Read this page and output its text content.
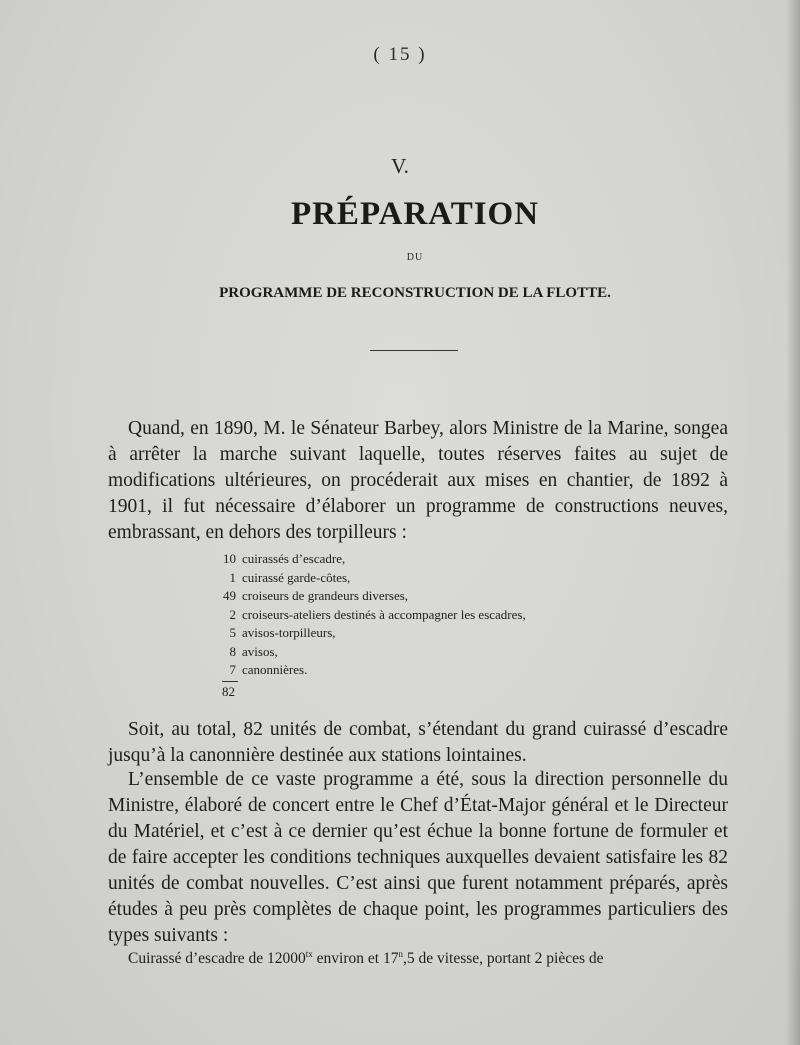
( 15 )
V.
PRÉPARATION
DU
PROGRAMME DE RECONSTRUCTION DE LA FLOTTE.

Quand, en 1890, M. le Sénateur Barbey, alors Ministre de la Marine, songea à arrêter la marche suivant laquelle, toutes réserves faites au sujet de modifications ultérieures, on procéderait aux mises en chantier, de 1892 à 1901, il fut nécessaire d’élaborer un programme de constructions neuves, embrassant, en dehors des torpilleurs :

10 cuirassés d’escadre,
1 cuirassé garde-côtes,
49 croiseurs de grandeurs diverses,
2 croiseurs-ateliers destinés à accompagner les escadres,
5 avisos-torpilleurs,
8 avisos,
7 canonnières.
82

Soit, au total, 82 unités de combat, s’étendant du grand cuirassé d’escadre jusqu’à la canonnière destinée aux stations lointaines.

L’ensemble de ce vaste programme a été, sous la direction personnelle du Ministre, élaboré de concert entre le Chef d’État-Major général et le Directeur du Matériel, et c’est à ce dernier qu’est échue la bonne fortune de formuler et de faire accepter les conditions techniques auxquelles devaient satisfaire les 82 unités de combat nouvelles. C’est ainsi que furent notamment préparés, après études à peu près complètes de chaque point, les programmes particuliers des types suivants :

Cuirassé d’escadre de $12000^{tx}$ environ et 17$^n$,5 de vitesse, portant 2 pièces de
